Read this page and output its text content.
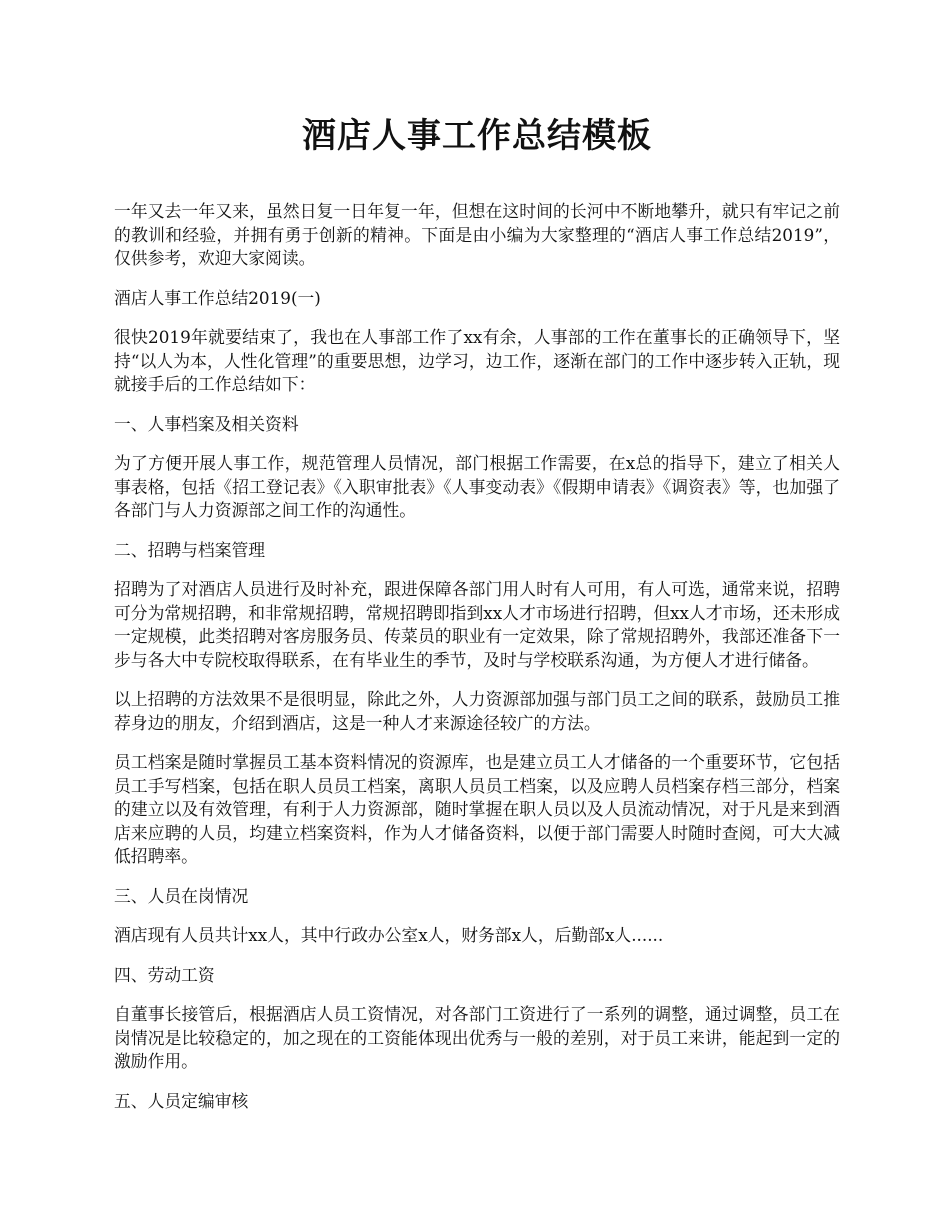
酒店人事工作总结模板

一年又去一年又来，虽然日复一日年复一年，但想在这时间的长河中不断地攀升，就只有牢记之前的教训和经验，并拥有勇于创新的精神。下面是由小编为大家整理的“酒店人事工作总结2019”，仅供参考，欢迎大家阅读。

酒店人事工作总结2019(一)

很快2019年就要结束了，我也在人事部工作了xx有余，人事部的工作在董事长的正确领导下，坚持“以人为本，人性化管理”的重要思想，边学习，边工作，逐渐在部门的工作中逐步转入正轨，现就接手后的工作总结如下：

一、人事档案及相关资料

为了方便开展人事工作，规范管理人员情况，部门根据工作需要，在x总的指导下，建立了相关人事表格，包括《招工登记表》《入职审批表》《人事变动表》《假期申请表》《调资表》等，也加强了各部门与人力资源部之间工作的沟通性。

二、招聘与档案管理

招聘为了对酒店人员进行及时补充，跟进保障各部门用人时有人可用，有人可选，通常来说，招聘可分为常规招聘，和非常规招聘，常规招聘即指到xx人才市场进行招聘，但xx人才市场，还未形成一定规模，此类招聘对客房服务员、传菜员的职业有一定效果，除了常规招聘外，我部还准备下一步与各大中专院校取得联系，在有毕业生的季节，及时与学校联系沟通，为方便人才进行储备。

以上招聘的方法效果不是很明显，除此之外，人力资源部加强与部门员工之间的联系，鼓励员工推荐身边的朋友，介绍到酒店，这是一种人才来源途径较广的方法。

员工档案是随时掌握员工基本资料情况的资源库，也是建立员工人才储备的一个重要环节，它包括员工手写档案，包括在职人员员工档案，离职人员员工档案，以及应聘人员档案存档三部分，档案的建立以及有效管理，有利于人力资源部，随时掌握在职人员以及人员流动情况，对于凡是来到酒店来应聘的人员，均建立档案资料，作为人才储备资料，以便于部门需要人时随时查阅，可大大减低招聘率。

三、人员在岗情况

酒店现有人员共计xx人，其中行政办公室x人，财务部x人，后勤部x人......

四、劳动工资

自董事长接管后，根据酒店人员工资情况，对各部门工资进行了一系列的调整，通过调整，员工在岗情况是比较稳定的，加之现在的工资能体现出优秀与一般的差别，对于员工来讲，能起到一定的激励作用。

五、人员定编审核
